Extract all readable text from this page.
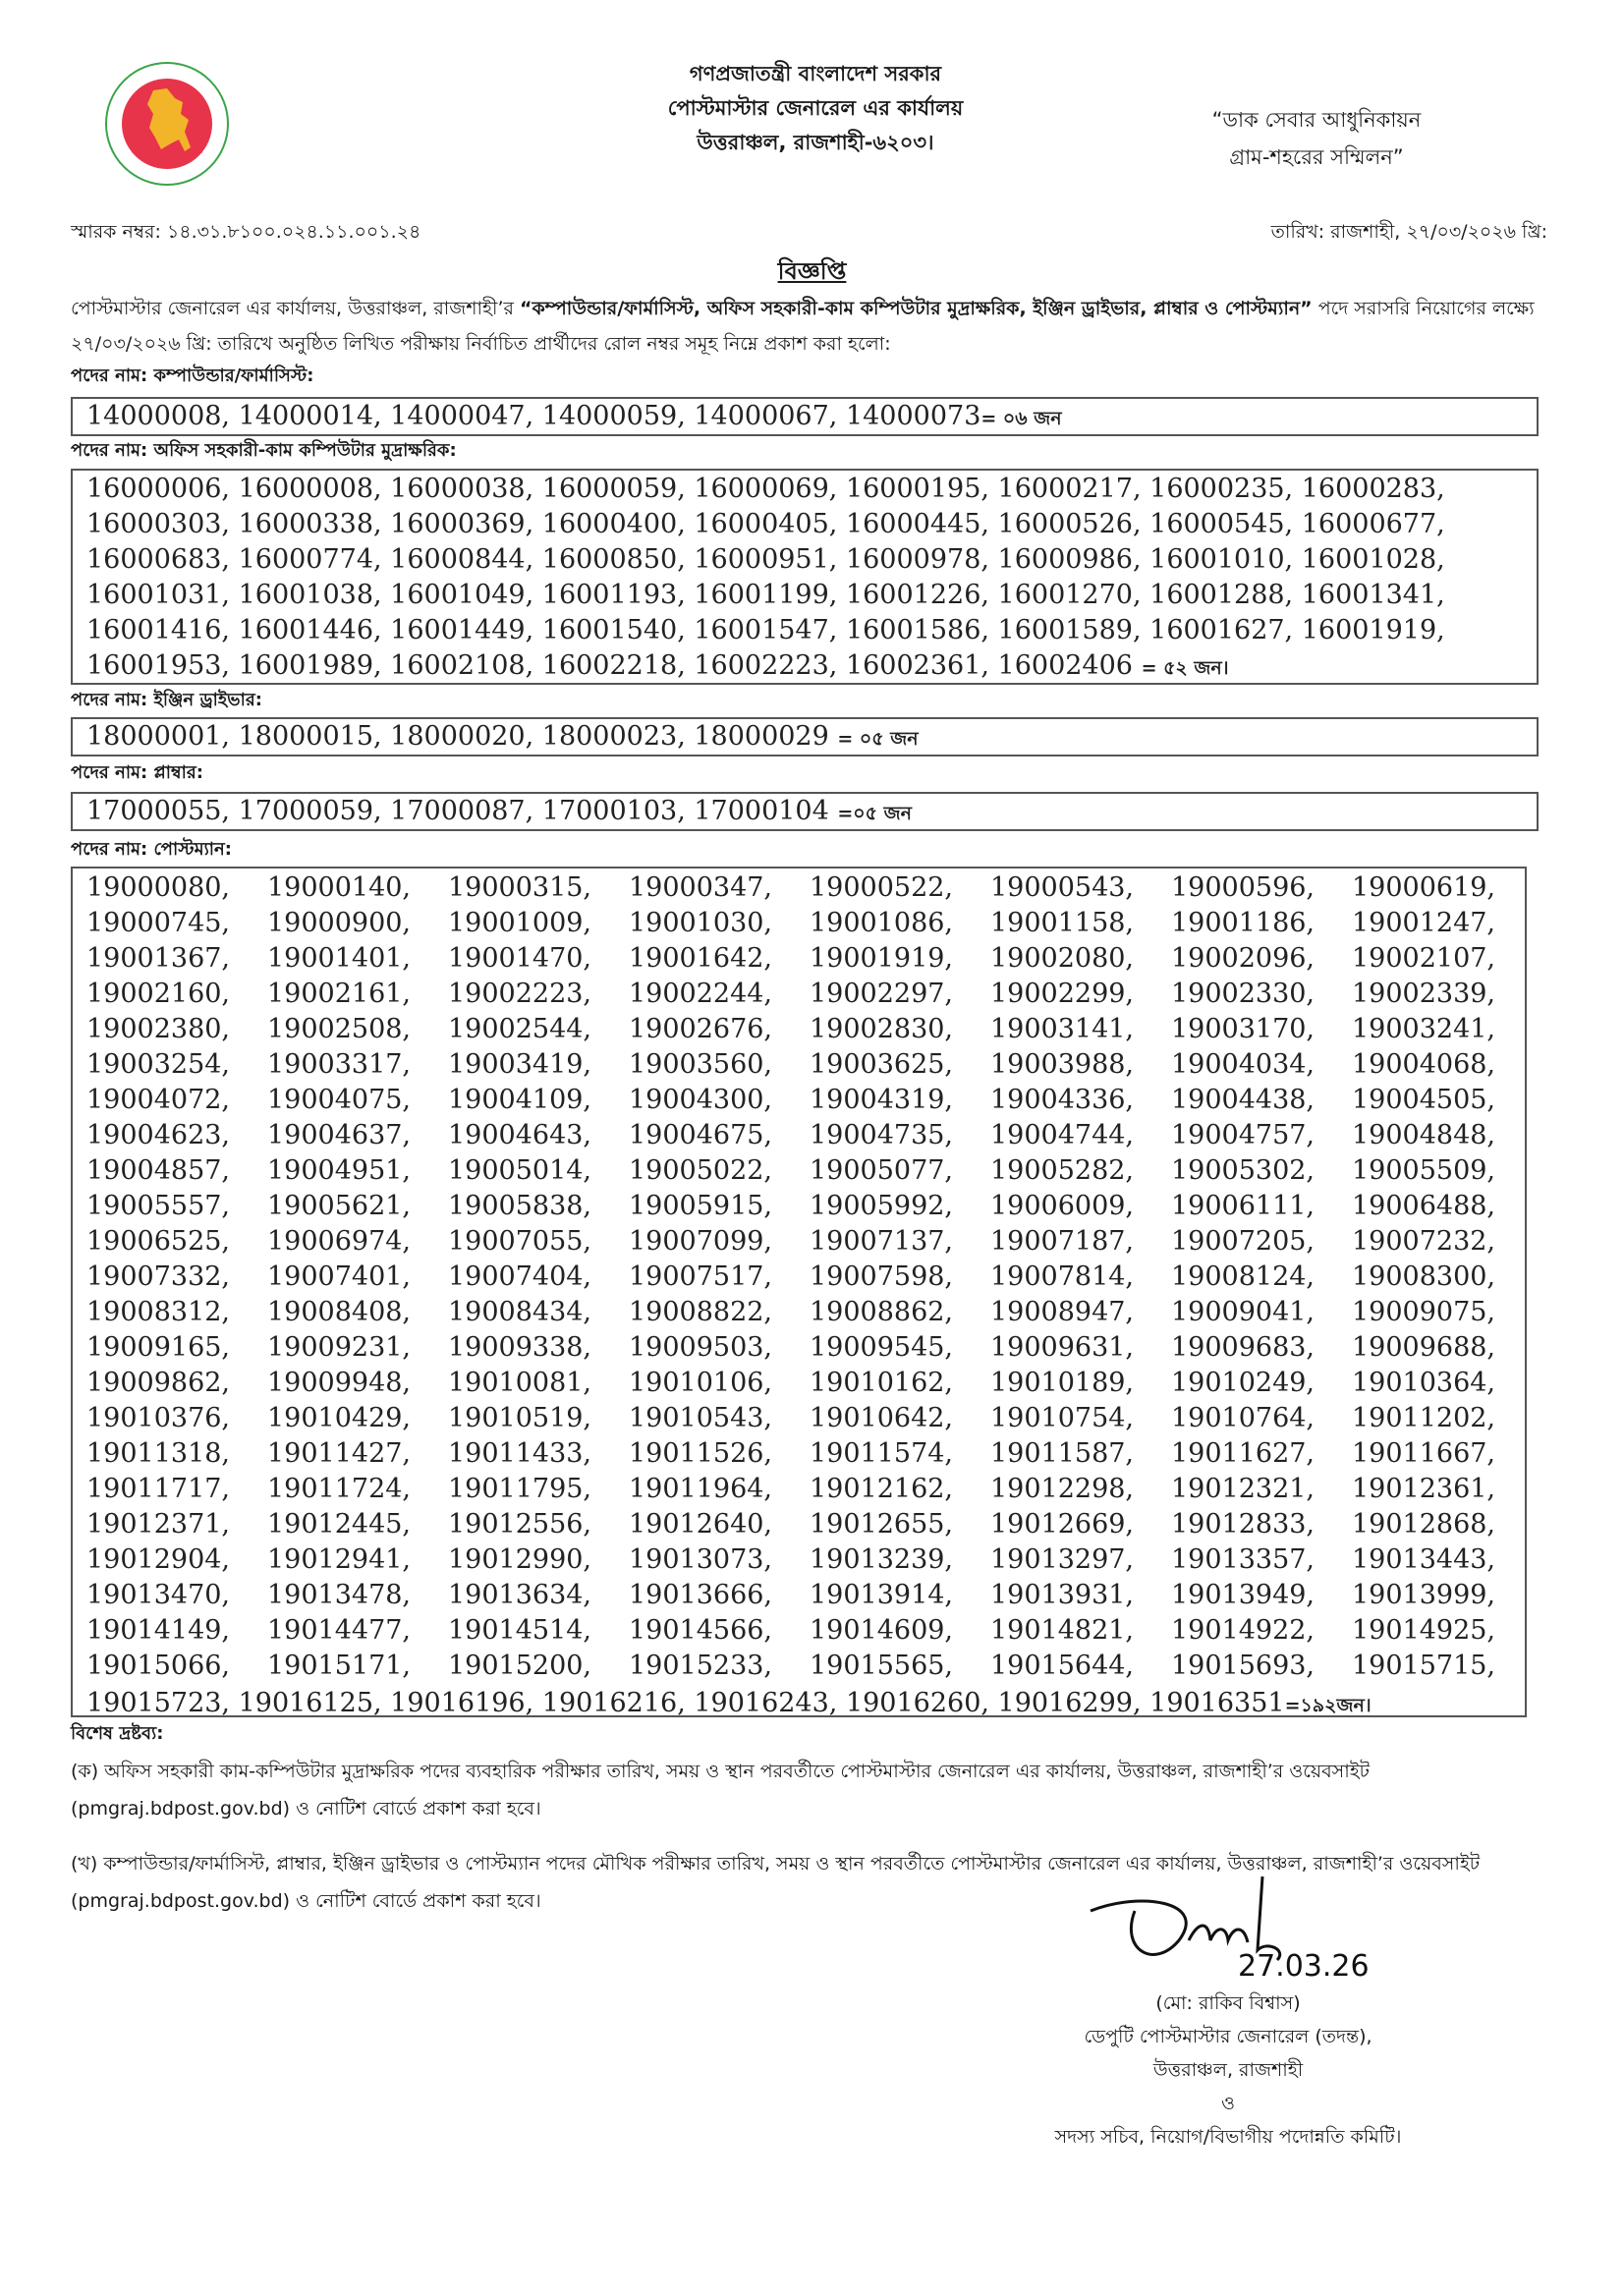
★	★
★	★
গণপ্রজাতন্ত্রী বাংলাদেশ সরকার
পোস্টমাস্টার জেনারেল এর কার্যালয়
উত্তরাঞ্চল, রাজশাহী-৬২০৩।
“ডাক সেবার আধুনিকায়ন
গ্রাম-শহরের সম্মিলন”
স্মারক নম্বর: ১৪.৩১.৮১০০.০২৪.১১.০০১.২৪	তারিখ: রাজশাহী, ২৭/০৩/২০২৬ খ্রি:
বিজ্ঞপ্তি
পোস্টমাস্টার জেনারেল এর কার্যালয়, উত্তরাঞ্চল, রাজশাহী’র “কম্পাউন্ডার/ফার্মাসিস্ট, অফিস সহকারী-কাম কম্পিউটার মুদ্রাক্ষরিক, ইঞ্জিন ড্রাইভার, প্লাম্বার ও পোস্টম্যান” পদে সরাসরি নিয়োগের লক্ষ্যে ২৭/০৩/২০২৬ খ্রি: তারিখে অনুষ্ঠিত লিখিত পরীক্ষায় নির্বাচিত প্রার্থীদের রোল নম্বর সমূহ নিম্নে প্রকাশ করা হলো:
পদের নাম: কম্পাউন্ডার/ফার্মাসিস্ট:
14000008, 14000014, 14000047, 14000059, 14000067, 14000073= ০৬ জন
পদের নাম: অফিস সহকারী-কাম কম্পিউটার মুদ্রাক্ষরিক:
16000006, 16000008, 16000038, 16000059, 16000069, 16000195, 16000217, 16000235, 16000283,
16000303, 16000338, 16000369, 16000400, 16000405, 16000445, 16000526, 16000545, 16000677,
16000683, 16000774, 16000844, 16000850, 16000951, 16000978, 16000986, 16001010, 16001028,
16001031, 16001038, 16001049, 16001193, 16001199, 16001226, 16001270, 16001288, 16001341,
16001416, 16001446, 16001449, 16001540, 16001547, 16001586, 16001589, 16001627, 16001919,
16001953, 16001989, 16002108, 16002218, 16002223, 16002361, 16002406 = ৫২ জন।
পদের নাম: ইঞ্জিন ড্রাইভার:
18000001, 18000015, 18000020, 18000023, 18000029 = ০৫ জন
পদের নাম: প্লাম্বার:
17000055, 17000059, 17000087, 17000103, 17000104 =০৫ জন
পদের নাম: পোস্টম্যান:
19000080,	19000140,	19000315,	19000347,	19000522,	19000543,	19000596,	19000619,
19000745,	19000900,	19001009,	19001030,	19001086,	19001158,	19001186,	19001247,
19001367,	19001401,	19001470,	19001642,	19001919,	19002080,	19002096,	19002107,
19002160,	19002161,	19002223,	19002244,	19002297,	19002299,	19002330,	19002339,
19002380,	19002508,	19002544,	19002676,	19002830,	19003141,	19003170,	19003241,
19003254,	19003317,	19003419,	19003560,	19003625,	19003988,	19004034,	19004068,
19004072,	19004075,	19004109,	19004300,	19004319,	19004336,	19004438,	19004505,
19004623,	19004637,	19004643,	19004675,	19004735,	19004744,	19004757,	19004848,
19004857,	19004951,	19005014,	19005022,	19005077,	19005282,	19005302,	19005509,
19005557,	19005621,	19005838,	19005915,	19005992,	19006009,	19006111,	19006488,
19006525,	19006974,	19007055,	19007099,	19007137,	19007187,	19007205,	19007232,
19007332,	19007401,	19007404,	19007517,	19007598,	19007814,	19008124,	19008300,
19008312,	19008408,	19008434,	19008822,	19008862,	19008947,	19009041,	19009075,
19009165,	19009231,	19009338,	19009503,	19009545,	19009631,	19009683,	19009688,
19009862,	19009948,	19010081,	19010106,	19010162,	19010189,	19010249,	19010364,
19010376,	19010429,	19010519,	19010543,	19010642,	19010754,	19010764,	19011202,
19011318,	19011427,	19011433,	19011526,	19011574,	19011587,	19011627,	19011667,
19011717,	19011724,	19011795,	19011964,	19012162,	19012298,	19012321,	19012361,
19012371,	19012445,	19012556,	19012640,	19012655,	19012669,	19012833,	19012868,
19012904,	19012941,	19012990,	19013073,	19013239,	19013297,	19013357,	19013443,
19013470,	19013478,	19013634,	19013666,	19013914,	19013931,	19013949,	19013999,
19014149,	19014477,	19014514,	19014566,	19014609,	19014821,	19014922,	19014925,
19015066,	19015171,	19015200,	19015233,	19015565,	19015644,	19015693,	19015715,
19015723, 19016125, 19016196, 19016216, 19016243, 19016260, 19016299, 19016351=১৯২জন।
বিশেষ দ্রষ্টব্য:
(ক) অফিস সহকারী কাম-কম্পিউটার মুদ্রাক্ষরিক পদের ব্যবহারিক পরীক্ষার তারিখ, সময় ও স্থান পরবর্তীতে পোস্টমাস্টার জেনারেল এর কার্যালয়, উত্তরাঞ্চল, রাজশাহী’র ওয়েবসাইট (pmgraj.bdpost.gov.bd) ও নোটিশ বোর্ডে প্রকাশ করা হবে।
(খ) কম্পাউন্ডার/ফার্মাসিস্ট, প্লাম্বার, ইঞ্জিন ড্রাইভার ও পোস্টম্যান পদের মৌখিক পরীক্ষার তারিখ, সময় ও স্থান পরবর্তীতে পোস্টমাস্টার জেনারেল এর কার্যালয়, উত্তরাঞ্চল, রাজশাহী’র ওয়েবসাইট (pmgraj.bdpost.gov.bd) ও নোটিশ বোর্ডে প্রকাশ করা হবে।
27.03.26
(মো: রাকিব বিশ্বাস)
ডেপুটি পোস্টমাস্টার জেনারেল (তদন্ত),
উত্তরাঞ্চল, রাজশাহী
ও
সদস্য সচিব, নিয়োগ/বিভাগীয় পদোন্নতি কমিটি।
